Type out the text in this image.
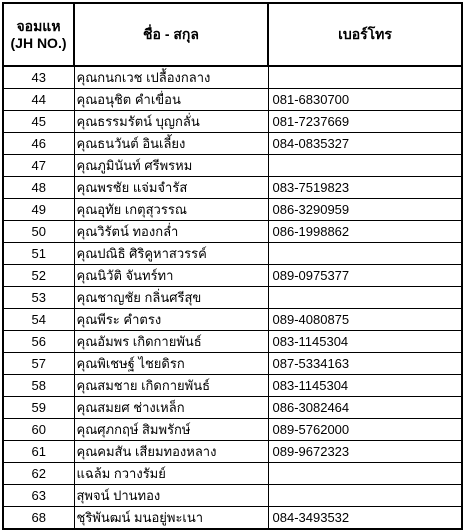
จอมแห
(JH NO.)	ชื่อ - สกุล	เบอร์โทร
43	คุณกนกเวช เปลื้องกลาง	
44	คุณอนุชิต คำเขื่อน	081-6830700
45	คุณธรรมรัตน์ บุญกลั่น	081-7237669
46	คุณธนวันต์ อินเลี้ยง	084-0835327
47	คุณภูมินันท์ ศรีพรหม	
48	คุณพรชัย แจ่มจำรัส	083-7519823
49	คุณอุทัย เกตุสุวรรณ	086-3290959
50	คุณวิรัตน์ ทองกล่ำ	086-1998862
51	คุณปณิธิ ศิริคูหาสวรรค์	
52	คุณนิวัติ จันทร์ทา	089-0975377
53	คุณชาญชัย กลิ่นศรีสุข	
54	คุณพีระ คำตรง	089-4080875
56	คุณอัมพร เกิดกายพันธ์	083-1145304
57	คุณพิเชษฐ์ ไชยดิรก	087-5334163
58	คุณสมชาย เกิดกายพันธ์	083-1145304
59	คุณสมยศ ช่างเหล็ก	086-3082464
60	คุณศุภกฤษ์ สิมพรักษ์	089-5762000
61	คุณคมสัน เสียมทองหลาง	089-9672323
62	แฉล้ม กวางรัมย์	
63	สุพจน์ ปานทอง	
68	ชุริพันฒน์ มนอยู่พะเนา	084-3493532
